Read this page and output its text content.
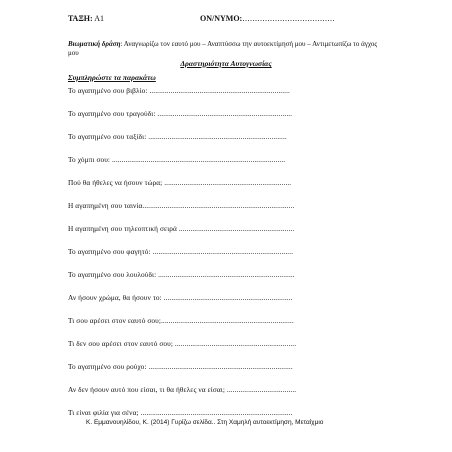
ΤΑΞΗ: Α1	ΟΝ/ΝΥΜΟ:
......................................
Βιωματική δράση: Αναγνωρίζω τον εαυτό μου – Αναπτύσσω την αυτοεκτίμησή μου – Αντιμετωπίζω το άγχος μου
Δραστηριότητα Αυτογνωσίας
Συμπληρώστε τα παρακάτω
Το αγαπημένο σου βιβλίο: .........................................................................
Το αγαπημένο σου τραγούδι: ......................................................................
Το αγαπημένο σου ταξίδι: ........................................................................
Το χόμπι σου: ..........................................................................................
Πού θα ήθελες να ήσουν τώρα; ..................................................................
Η αγαπημένη σου ταινία...............................................................................
Η αγαπημένη σου τηλεοπτική σειρά ............................................................
Το αγαπημένο σου φαγητό: .........................................................................
Το αγαπημένο σου λουλούδι: .......................................................................
Αν ήσουν χρώμα, θα ήσουν το: ...................................................................
Τι σου αρέσει στον εαυτό σου;.....................................................................
Τι δεν σου αρέσει στον εαυτό σου; ...............................................................
Το αγαπημένο σου ρούχο: ...........................................................................
Αν δεν ήσουν αυτό που είσαι, τι θα ήθελες να είσαι; ....................................
Τι είναι φιλία για σένα; ...............................................................................
Κ. Εμμανουηλίδου, Κ. (2014) Γυρίζω σελίδα.. Στη Χαμηλή αυτοεκτίμηση, Μεταίχμιο
